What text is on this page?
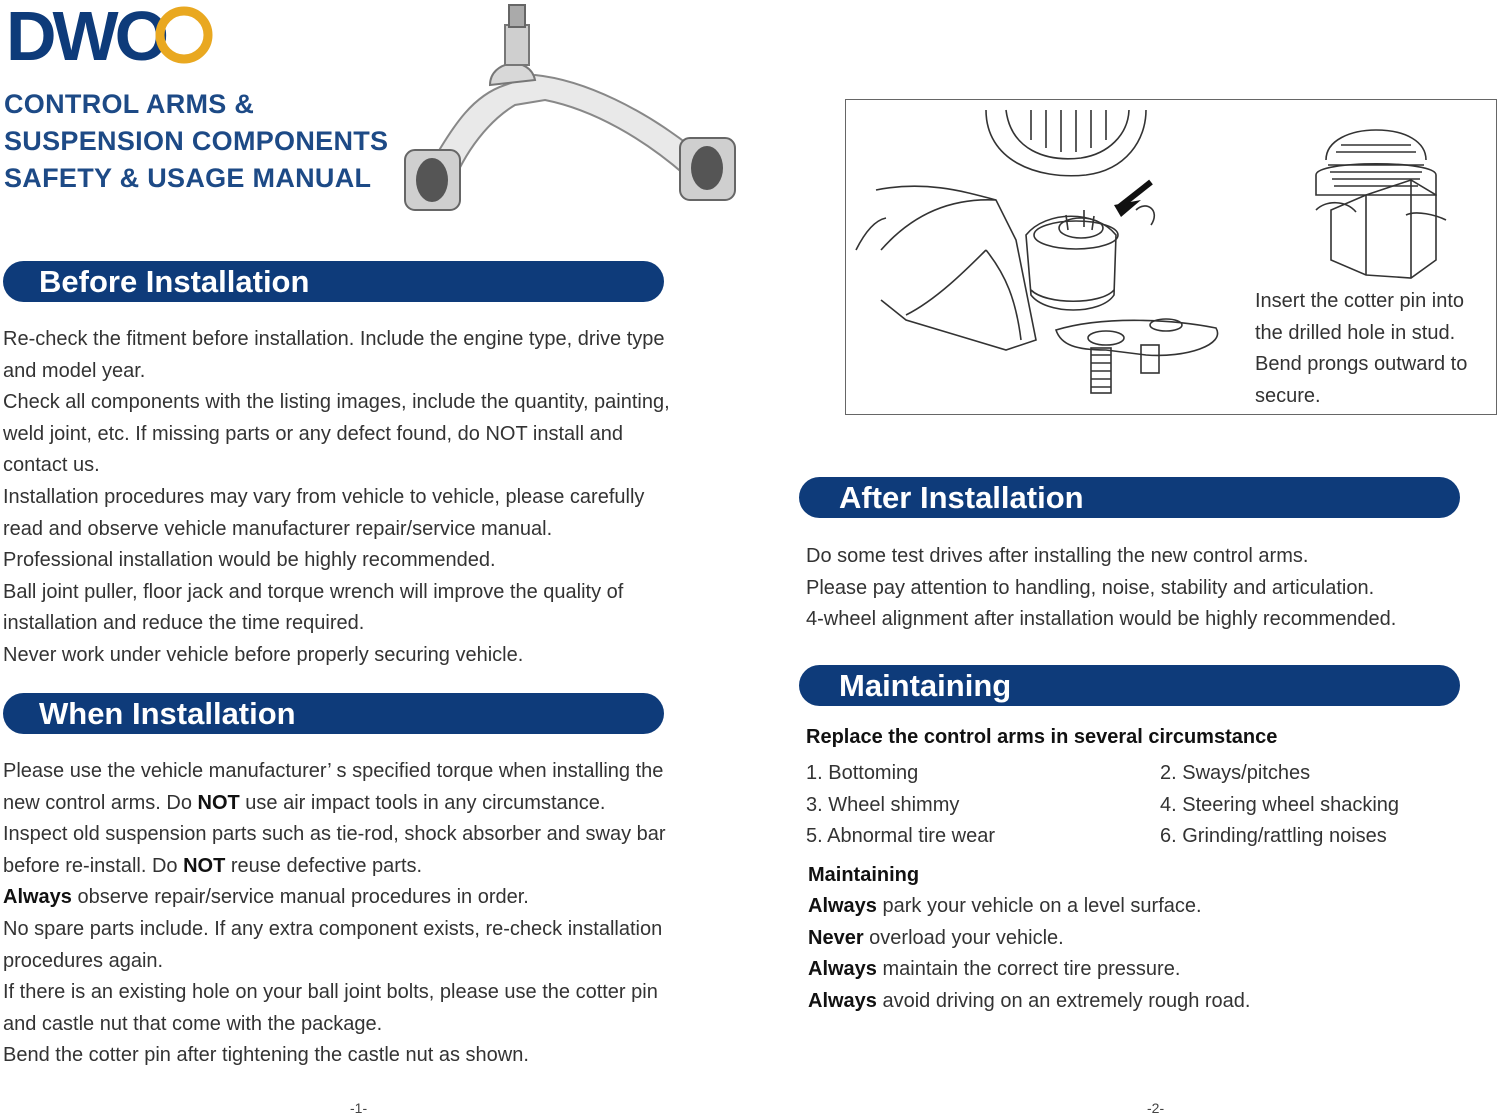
DWO
CONTROL ARMS &
SUSPENSION COMPONENTS
SAFETY & USAGE MANUAL
Before Installation

Re-check the fitment before installation. Include the engine type, drive type

and model year.

Check all components with the listing images, include the quantity, painting,

weld joint, etc. If missing parts or any defect found, do NOT install and

contact us.

Installation procedures may vary from vehicle to vehicle, please carefully

read and observe vehicle manufacturer repair/service manual.

Professional installation would be highly recommended.

Ball joint puller, floor jack and torque wrench will improve the quality of

installation and reduce the time required.

Never work under vehicle before properly securing vehicle.

When Installation

Please use the vehicle manufacturer’ s specified torque when installing the

new control arms. Do NOT use air impact tools in any circumstance.

Inspect old suspension parts such as tie-rod, shock absorber and sway bar

before re-install. Do NOT reuse defective parts.

Always observe repair/service manual procedures in order.

No spare parts include. If any extra component exists, re-check installation

procedures again.

If there is an existing hole on your ball joint bolts, please use the cotter pin

and castle nut that come with the package.

Bend the cotter pin after tightening the castle nut as shown.

Insert the cotter pin into

the drilled hole in stud.

Bend prongs outward to

secure.

After Installation

Do some test drives after installing the new control arms.

Please pay attention to handling, noise, stability and articulation.

4-wheel alignment after installation would be highly recommended.

Maintaining
Replace the control arms in several circumstance
1. Bottoming	2. Sways/pitches
3. Wheel shimmy	4. Steering wheel shacking
5. Abnormal tire wear	6. Grinding/rattling noises
Maintaining

Always park your vehicle on a level surface.

Never overload your vehicle.

Always maintain the correct tire pressure.

Always avoid driving on an extremely rough road.

-1-	-2-
